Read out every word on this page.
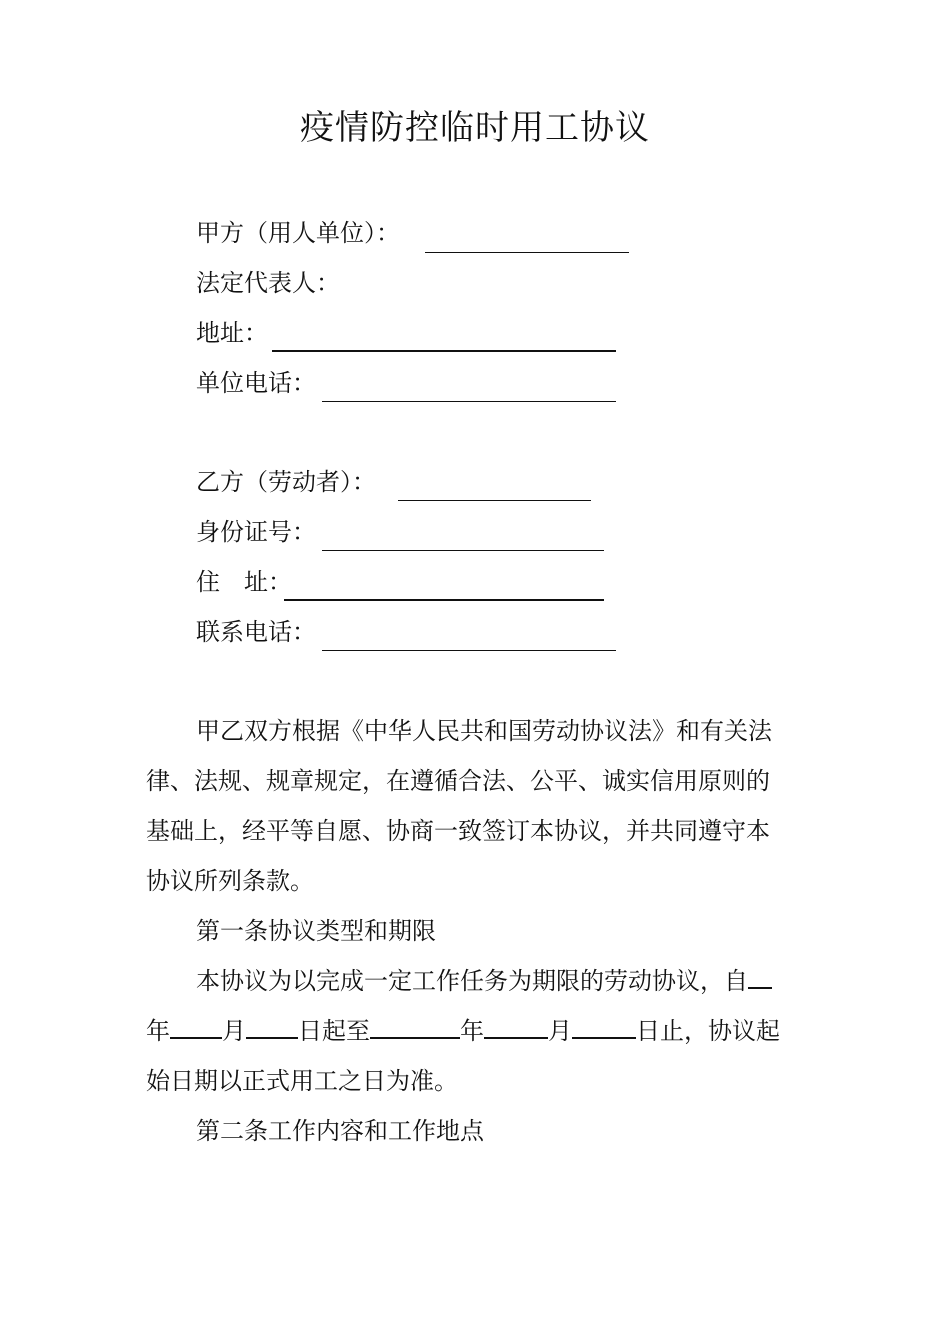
疫情防控临时用工协议
甲方（用人单位）：
法定代表人：
地址：
单位电话：
乙方（劳动者）：
身份证号：
住　址：
联系电话：
甲乙双方根据《中华人民共和国劳动协议法》和有关法
律、法规、规章规定，在遵循合法、公平、诚实信用原则的
基础上，经平等自愿、协商一致签订本协议，并共同遵守本
协议所列条款。
第一条协议类型和期限
本协议为以完成一定工作任务为期限的劳动协议，自
年 月 日起至	年	月	日止，协议起
始日期以正式用工之日为准。
第二条工作内容和工作地点
